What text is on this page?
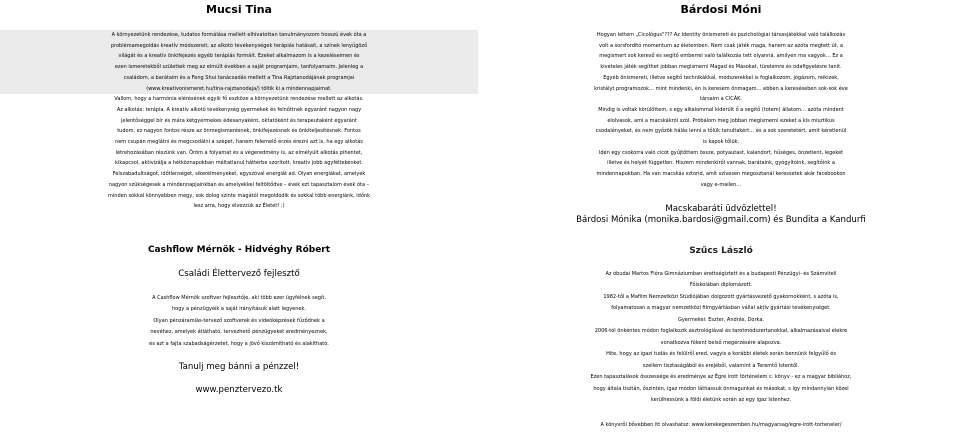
Mucsi Tina
A környezetünk rendezése, tudatos formálása mellett elhivatottan tanulmányozom hosszú évek óta a
problémamegoldás kreatív módszereit, az alkotó tevékenységek terápiás hatásait, a színek lenyűgöző
világát és a kreatív önkifejezés egyéb terápiás formáit. Ezeket alkalmazom is a kezeléseimen és
ezen ismeretekből születtek meg az elmúlt években a saját programjaim, tanfolyamaim. Jelenleg a
családom, a barátaim és a Feng Shui tanácsadás mellett a Tina Rajztanodájának programjai
(www.kreativonismeret.hu/tina-rajztanodaja/) töltik ki a mindennapjaimat.
Vallom, hogy a harmónia elérésének egyik fő eszköze a környezetünk rendezése mellett az alkotás.
Az alkotás: terápia. A kreatív alkotó tevékenység gyermekek és felnőttnek egyaránt nagyon nagy
jelentőséggel bír és mára kétgyermekes édesanyaként, oktatóként és terapeutaként egyaránt
tudom, ez nagyon fontos része az önmegismerésnek, önkifejezésnek és önkiteljesítésnek. Fontos
nem csupán meglátni és megcsodálni a szépet, hanem felemelő érzés érezni azt is, ha egy alkotás
létrehozásában részünk van. Öröm a folyamat és a végeredmény is, az elmélyült alkotás pihentet,
kikapcsol, aktivizálja a hétköznapokban méltatlanul háttérbe szorított, kreatív jobb agyféltekénket.
Felszabadultságot, időtlenséget, sikerélményeket, egyszóval energiát ad. Olyan energiákat, amelyek
nagyon szükségesek a mindennapjainkban és amelyekkel feltöltődve – évek ezt tapasztalom évek óta –
minden sokkal könnyebben megy, sok dolog szinte magától megoldódik és sokkal több energiánk, időnk
lesz arra, hogy élvezzük az Életet! :)
Cashflow Mérnök - Hidvéghy Róbert
Családi Élettervező fejlesztő
A Cashflow Mérnök szoftver fejlesztője, aki több ezer ügyfélnek segít,
hogy a pénzügyeik a saját irányításuk alatt legyenek.
Olyan pénzáramlás-tervező szoftverek és videóképzések fűződnek a
nevéhez, amelyek átlátható, tervezhető pénzügyeket eredményeznek,
és azt a fajta szabadságérzetet, hogy a jövő kiszámítható és alakítható.
Tanulj meg bánni a pénzzel!
www.penztervezo.tk
Bárdosi Móni
Hogyan lettem „Cicológus"??? Az Identity önismereti és pszichológiai társasjátékkal való találkozás
volt a sorsfordító momentum az életemben. Nem csak játék maga, hanem az azóta megtett út, a
megismert sok kereső és segítő emberrel való találkozás tett olyanná, amilyen ma vagyok… Ez a
kivételes játék segíthet jobban megismerni Magad és Másokat, türelemre és odafigyelésre tanít.
Egyéb önismereti, illetve segítő technikákkal, módszerekkel is foglalkozom, jógázom, reikizek,
kristályt programozok… mint mindenki, én is keresem önmagam… ebben a kereséseben sok-sok éve
társaim a CICÁK.
Mindig is voltak körülöttem, s egy alkalommal kiderült ő a segítő (totem) állatom… azóta mindent
elolvasok, ami a macskákról szól. Próbálom meg jobban megismerni ezeket a kis misztikus
csodalényeket, és nem győzök hálás lenni a tőlük tanultakért… és a sok szeretetért, amit kéretlenül
is kapok tőlük.
Idén egy csokorra való cicót gyűjtöttem össze, potyautast, kalandort, hűséges, önzetlent, legeket
illetve és helyét független. Hiszem mindenkiről vannak, barátaink, gyógyítóink, segítőink a
mindennapokban. Ha van macskás sztorid, amit szívesen megosztanál keressetek akár facebookon
vagy e-mailen…
Macskabaráti üdvözlettel!
Bárdosi Mónika (monika.bardosi@gmail.com) és Bundita a Kandurfi
Szűcs László
Az óbudai Martos Flóra Gimnáziumban érettségiztett és a budapesti Pénzügyi- és Számviteli
Főiskolában diplomázott.
1982-től a Mafilm Nemzetközi Stúdiójában dolgozott gyártásvezető gyakornokként, s azóta is,
folyamatosan a magyar nemzetközi filmgyártásban vállal aktív gyártási tevékenységet.
Gyermekei: Eszter, András, Dorka.
2006-tól önkéntes módon foglalkozik asztrológiával és tarotmódszertanokkal, alkalmazásaival élekre
vonatkozva fókent belső megérzésére alapozva.
Hite, hogy az igazi tudás és felülről ered, vagyis a korábbi életek során bennünk felgyűlő és
szellem tisztaságából és erejéből, valamint a Teremtő Istentől.
Ezen tapasztalások összessége és eredménye az Égre írott történelem c. könyv - ez a magyar bibliához,
hogy általa tisztán, őszintén, igaz módon láthassuk önmagunkat és másokat, s így mindannyian közel
kerülhessünk a földi életünk során az egy igaz Istenhez.
A könyvről bővebben itt olvashatsz: www.kerekegeszemben.hu/magyarsag/egre-irott-torteneler/
